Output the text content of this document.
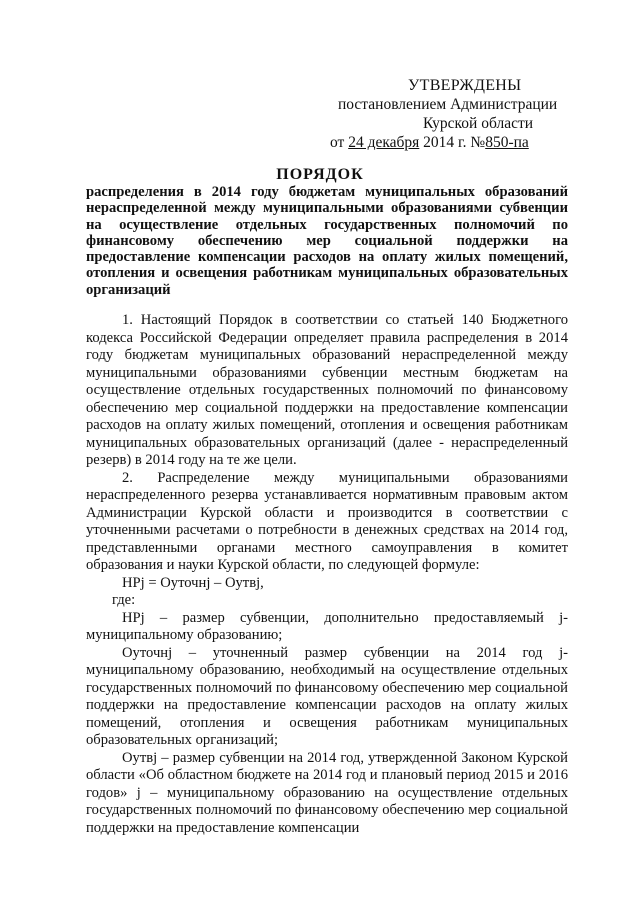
УТВЕРЖДЕНЫ
постановлением Администрации
Курской области
от 24 декабря 2014 г. №850-па
ПОРЯДОК
распределения в 2014 году бюджетам муниципальных образований нераспределенной между муниципальными образованиями субвенции на осуществление отдельных государственных полномочий по финансовому обеспечению мер социальной поддержки на предоставление компенсации расходов на оплату жилых помещений, отопления и освещения работникам муниципальных образовательных организаций

1. Настоящий Порядок в соответствии со статьей 140 Бюджетного кодекса Российской Федерации определяет правила распределения в 2014 году бюджетам муниципальных образований нераспределенной между муниципальными образованиями субвенции местным бюджетам на осуществление отдельных государственных полномочий по финансовому обеспечению мер социальной поддержки на предоставление компенсации расходов на оплату жилых помещений, отопления и освещения работникам муниципальных образовательных организаций (далее - нераспределенный резерв) в 2014 году на те же цели.

2. Распределение между муниципальными образованиями нераспределенного резерва устанавливается нормативным правовым актом Администрации Курской области и производится в соответствии с уточненными расчетами о потребности в денежных средствах на 2014 год, представленными органами местного самоуправления в комитет образования и науки Курской области, по следующей формуле:

НРj = Оуточнj – Оутвj,

где:

НРj – размер субвенции, дополнительно предоставляемый j- муниципальному образованию;

Оуточнj – уточненный размер субвенции на 2014 год j-муниципальному образованию, необходимый на осуществление отдельных государственных полномочий по финансовому обеспечению мер социальной поддержки на предоставление компенсации расходов на оплату жилых помещений, отопления и освещения работникам муниципальных образовательных организаций;

Оутвj – размер субвенции на 2014 год, утвержденной Законом Курской области «Об областном бюджете на 2014 год и плановый период 2015 и 2016 годов» j – муниципальному образованию на осуществление отдельных государственных полномочий по финансовому обеспечению мер социальной поддержки на предоставление компенсации
